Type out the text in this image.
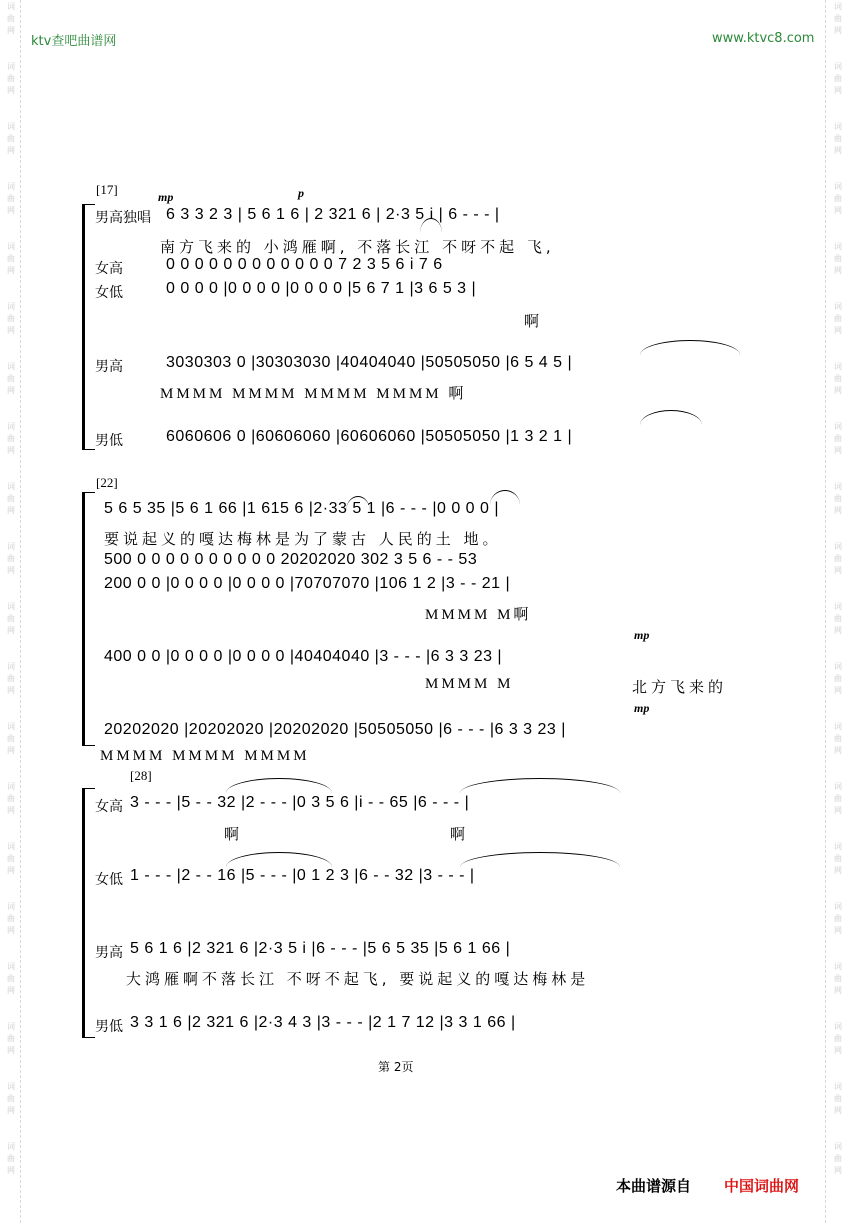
词
曲
网
词
曲
网
词
曲
网
词
曲
网
词
曲
网
词
曲
网
词
曲
网
词
曲
网
词
曲
网
词
曲
网
词
曲
网
词
曲
网
词
曲
网
词
曲
网
词
曲
网
词
曲
网
词
曲
网
词
曲
网
词
曲
网
词
曲
网
词
曲
网
词
曲
网
词
曲
网
词
曲
网
词
曲
网
词
曲
网
词
曲
网
词
曲
网
词
曲
网
词
曲
网
词
曲
网
词
曲
网
词
曲
网
词
曲
网
词
曲
网
词
曲
网
词
曲
网
词
曲
网
词
曲
网
词
曲
网
ktv查吧曲谱网	www.ktvc8.com
[17]	mp	p
男高独唱 6 3 3 2 3 | 5 6 1 6 | 2 321 6 | 2·3 5 i | 6 - - - |
南方飞来的 小鸿雁啊, 不落长江 不呀不起 飞,
女高	0 0 0 0 0 0 0 0 0 0 0 0 7 2 3 5 6 i 7 6
女低	0 0 0 0 |0 0 0 0 |0 0 0 0 |5 6 7 1 |3 6 5 3 |
啊
男高	3030303 0 |30303030 |40404040 |50505050 |6 5 4 5 |
MMMM MMMM MMMM MMMM 啊
男低	6060606 0 |60606060 |60606060 |50505050 |1 3 2 1 |
[22]
5 6 5 35 |5 6 1 66 |1 615 6 |2·33 5 1 |6 - - - |0 0 0 0 |
要说起义的嘎达梅林是为了蒙古 人民的土 地。
500 0 0 0 0 0 0 0 0 0 0 20202020 302 3 5 6 - - 53
200 0 0 |0 0 0 0 |0 0 0 0 |70707070 |106 1 2 |3 - - 21 |
MMMM M啊
mp
400 0 0 |0 0 0 0 |0 0 0 0 |40404040 |3 - - - |6 3 3 23 |
MMMM M	北方飞来的
mp
20202020 |20202020 |20202020 |50505050 |6 - - - |6 3 3 23 |
MMMM MMMM MMMM
[28]
女高 3 - - - |5 - - 32 |2 - - - |0 3 5 6 |i - - 65 |6 - - - |
啊	啊
女低 1 - - - |2 - - 16 |5 - - - |0 1 2 3 |6 - - 32 |3 - - - |
男高 5 6 1 6 |2 321 6 |2·3 5 i |6 - - - |5 6 5 35 |5 6 1 66 |
大鸿雁啊不落长江 不呀不起飞, 要说起义的嘎达梅林是
男低 3 3 1 6 |2 321 6 |2·3 4 3 |3 - - - |2 1 7 12 |3 3 1 66 |
第 2页
本曲谱源自 中国词曲网
